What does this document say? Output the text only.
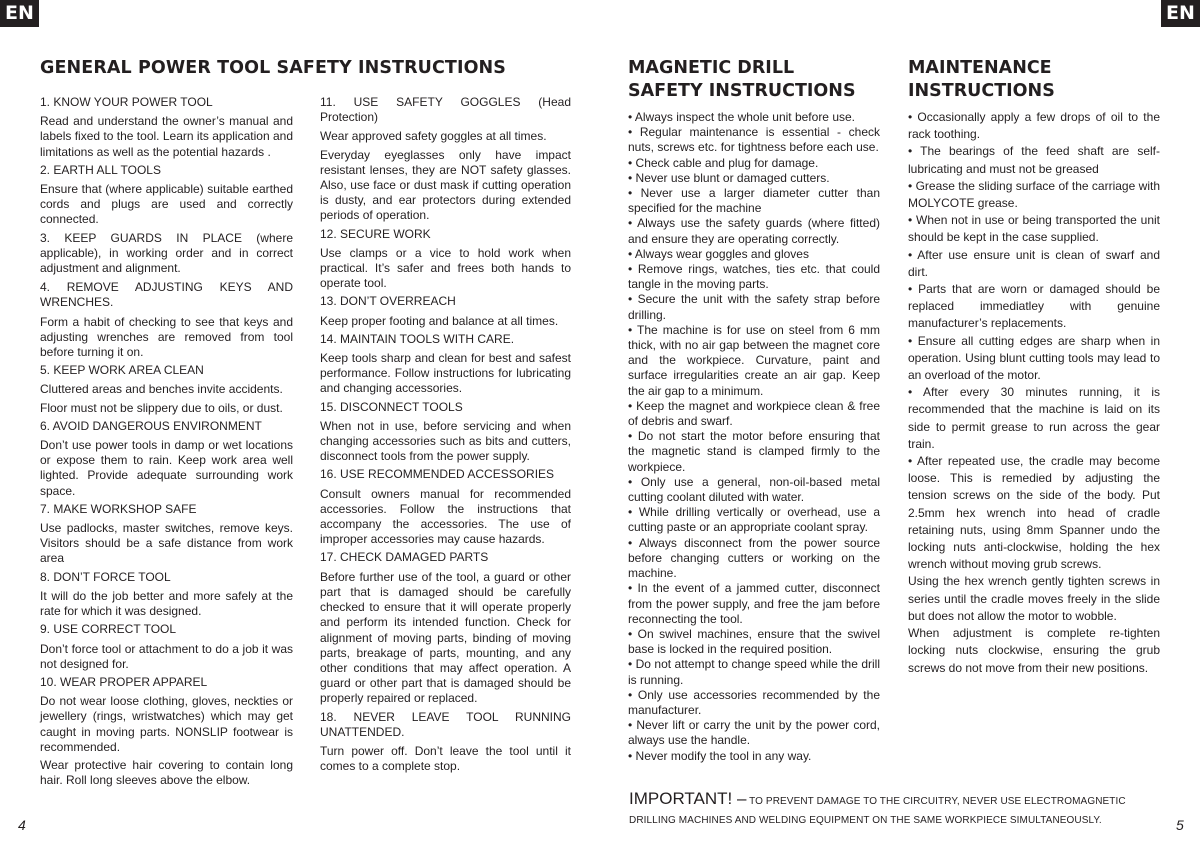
EN	EN
GENERAL POWER TOOL SAFETY INSTRUCTIONS

1. KNOW YOUR POWER TOOL

Read and understand the owner’s manual and labels fixed to the tool. Learn its application and limitations as well as the potential hazards .

2. EARTH ALL TOOLS

Ensure that (where applicable) suitable earthed cords and plugs are used and correctly connected.

3. KEEP GUARDS IN PLACE (where applicable), in working order and in correct adjustment and alignment.

4. REMOVE ADJUSTING KEYS AND WRENCHES.

Form a habit of checking to see that keys and adjusting wrenches are removed from tool before turning it on.

5. KEEP WORK AREA CLEAN

Cluttered areas and benches invite accidents.

Floor must not be slippery due to oils, or dust.

6. AVOID DANGEROUS ENVIRONMENT

Don’t use power tools in damp or wet locations or expose them to rain. Keep work area well lighted. Provide adequate surrounding work space.

7. MAKE WORKSHOP SAFE

Use padlocks, master switches, remove keys. Visitors should be a safe distance from work area

8. DON’T FORCE TOOL

It will do the job better and more safely at the rate for which it was designed.

9. USE CORRECT TOOL

Don’t force tool or attachment to do a job it was not designed for.

10. WEAR PROPER APPAREL

Do not wear loose clothing, gloves, neckties or jewellery (rings, wristwatches) which may get caught in moving parts. NONSLIP footwear is recommended.

Wear protective hair covering to contain long hair. Roll long sleeves above the elbow.

11. USE SAFETY GOGGLES (Head Protection)

Wear approved safety goggles at all times.

Everyday eyeglasses only have impact resistant lenses, they are NOT safety glasses. Also, use face or dust mask if cutting operation is dusty, and ear protectors during extended periods of operation.

12. SECURE WORK

Use clamps or a vice to hold work when practical. It’s safer and frees both hands to operate tool.

13. DON’T OVERREACH

Keep proper footing and balance at all times.

14. MAINTAIN TOOLS WITH CARE.

Keep tools sharp and clean for best and safest performance. Follow instructions for lubricating and changing accessories.

15. DISCONNECT TOOLS

When not in use, before servicing and when changing accessories such as bits and cutters, disconnect tools from the power supply.

16. USE RECOMMENDED ACCESSORIES

Consult owners manual for recommended accessories. Follow the instructions that accompany the accessories. The use of improper accessories may cause hazards.

17. CHECK DAMAGED PARTS

Before further use of the tool, a guard or other part that is damaged should be carefully checked to ensure that it will operate properly and perform its intended function. Check for alignment of moving parts, binding of moving parts, breakage of parts, mounting, and any other conditions that may affect operation. A guard or other part that is damaged should be properly repaired or replaced.

18. NEVER LEAVE TOOL RUNNING UNATTENDED.

Turn power off. Don’t leave the tool until it comes to a complete stop.

MAGNETIC DRILL
SAFETY INSTRUCTIONS

• Always inspect the whole unit before use.

• Regular maintenance is essential - check nuts, screws etc. for tightness before each use.

• Check cable and plug for damage.

• Never use blunt or damaged cutters.

• Never use a larger diameter cutter than specified for the machine

• Always use the safety guards (where fitted) and ensure they are operating correctly.

• Always wear goggles and gloves

• Remove rings, watches, ties etc. that could tangle in the moving parts.

• Secure the unit with the safety strap before drilling.

• The machine is for use on steel from 6 mm thick, with no air gap between the magnet core and the workpiece. Curvature, paint and surface irregularities create an air gap. Keep the air gap to a minimum.

• Keep the magnet and workpiece clean & free of debris and swarf.

• Do not start the motor before ensuring that the magnetic stand is clamped firmly to the workpiece.

• Only use a general, non-oil-based metal cutting coolant diluted with water.

• While drilling vertically or overhead, use a cutting paste or an appropriate coolant spray.

• Always disconnect from the power source before changing cutters or working on the machine.

• In the event of a jammed cutter, disconnect from the power supply, and free the jam before reconnecting the tool.

• On swivel machines, ensure that the swivel base is locked in the required position.

• Do not attempt to change speed while the drill is running.

• Only use accessories recommended by the manufacturer.

• Never lift or carry the unit by the power cord, always use the handle.

• Never modify the tool in any way.

MAINTENANCE
INSTRUCTIONS

• Occasionally apply a few drops of oil to the rack toothing.

• The bearings of the feed shaft are self-lubricating and must not be greased

• Grease the sliding surface of the carriage with MOLYCOTE grease.

• When not in use or being transported the unit should be kept in the case supplied.

• After use ensure unit is clean of swarf and dirt.

• Parts that are worn or damaged should be replaced immediatley with genuine manufacturer’s replacements.

• Ensure all cutting edges are sharp when in operation. Using blunt cutting tools may lead to an overload of the motor.

• After every 30 minutes running, it is recommended that the machine is laid on its side to permit grease to run across the gear train.

• After repeated use, the cradle may become loose. This is remedied by adjusting the tension screws on the side of the body. Put 2.5mm hex wrench into head of cradle retaining nuts, using 8mm Spanner undo the locking nuts anti-clockwise, holding the hex wrench without moving grub screws.

Using the hex wrench gently tighten screws in series until the cradle moves freely in the slide but does not allow the motor to wobble.

When adjustment is complete re-tighten locking nuts clockwise, ensuring the grub screws do not move from their new positions.

IMPORTANT! – TO PREVENT DAMAGE TO THE CIRCUITRY, NEVER USE ELECTROMAGNETIC DRILLING MACHINES AND WELDING EQUIPMENT ON THE SAME WORKPIECE SIMULTANEOUSLY.
4	5
